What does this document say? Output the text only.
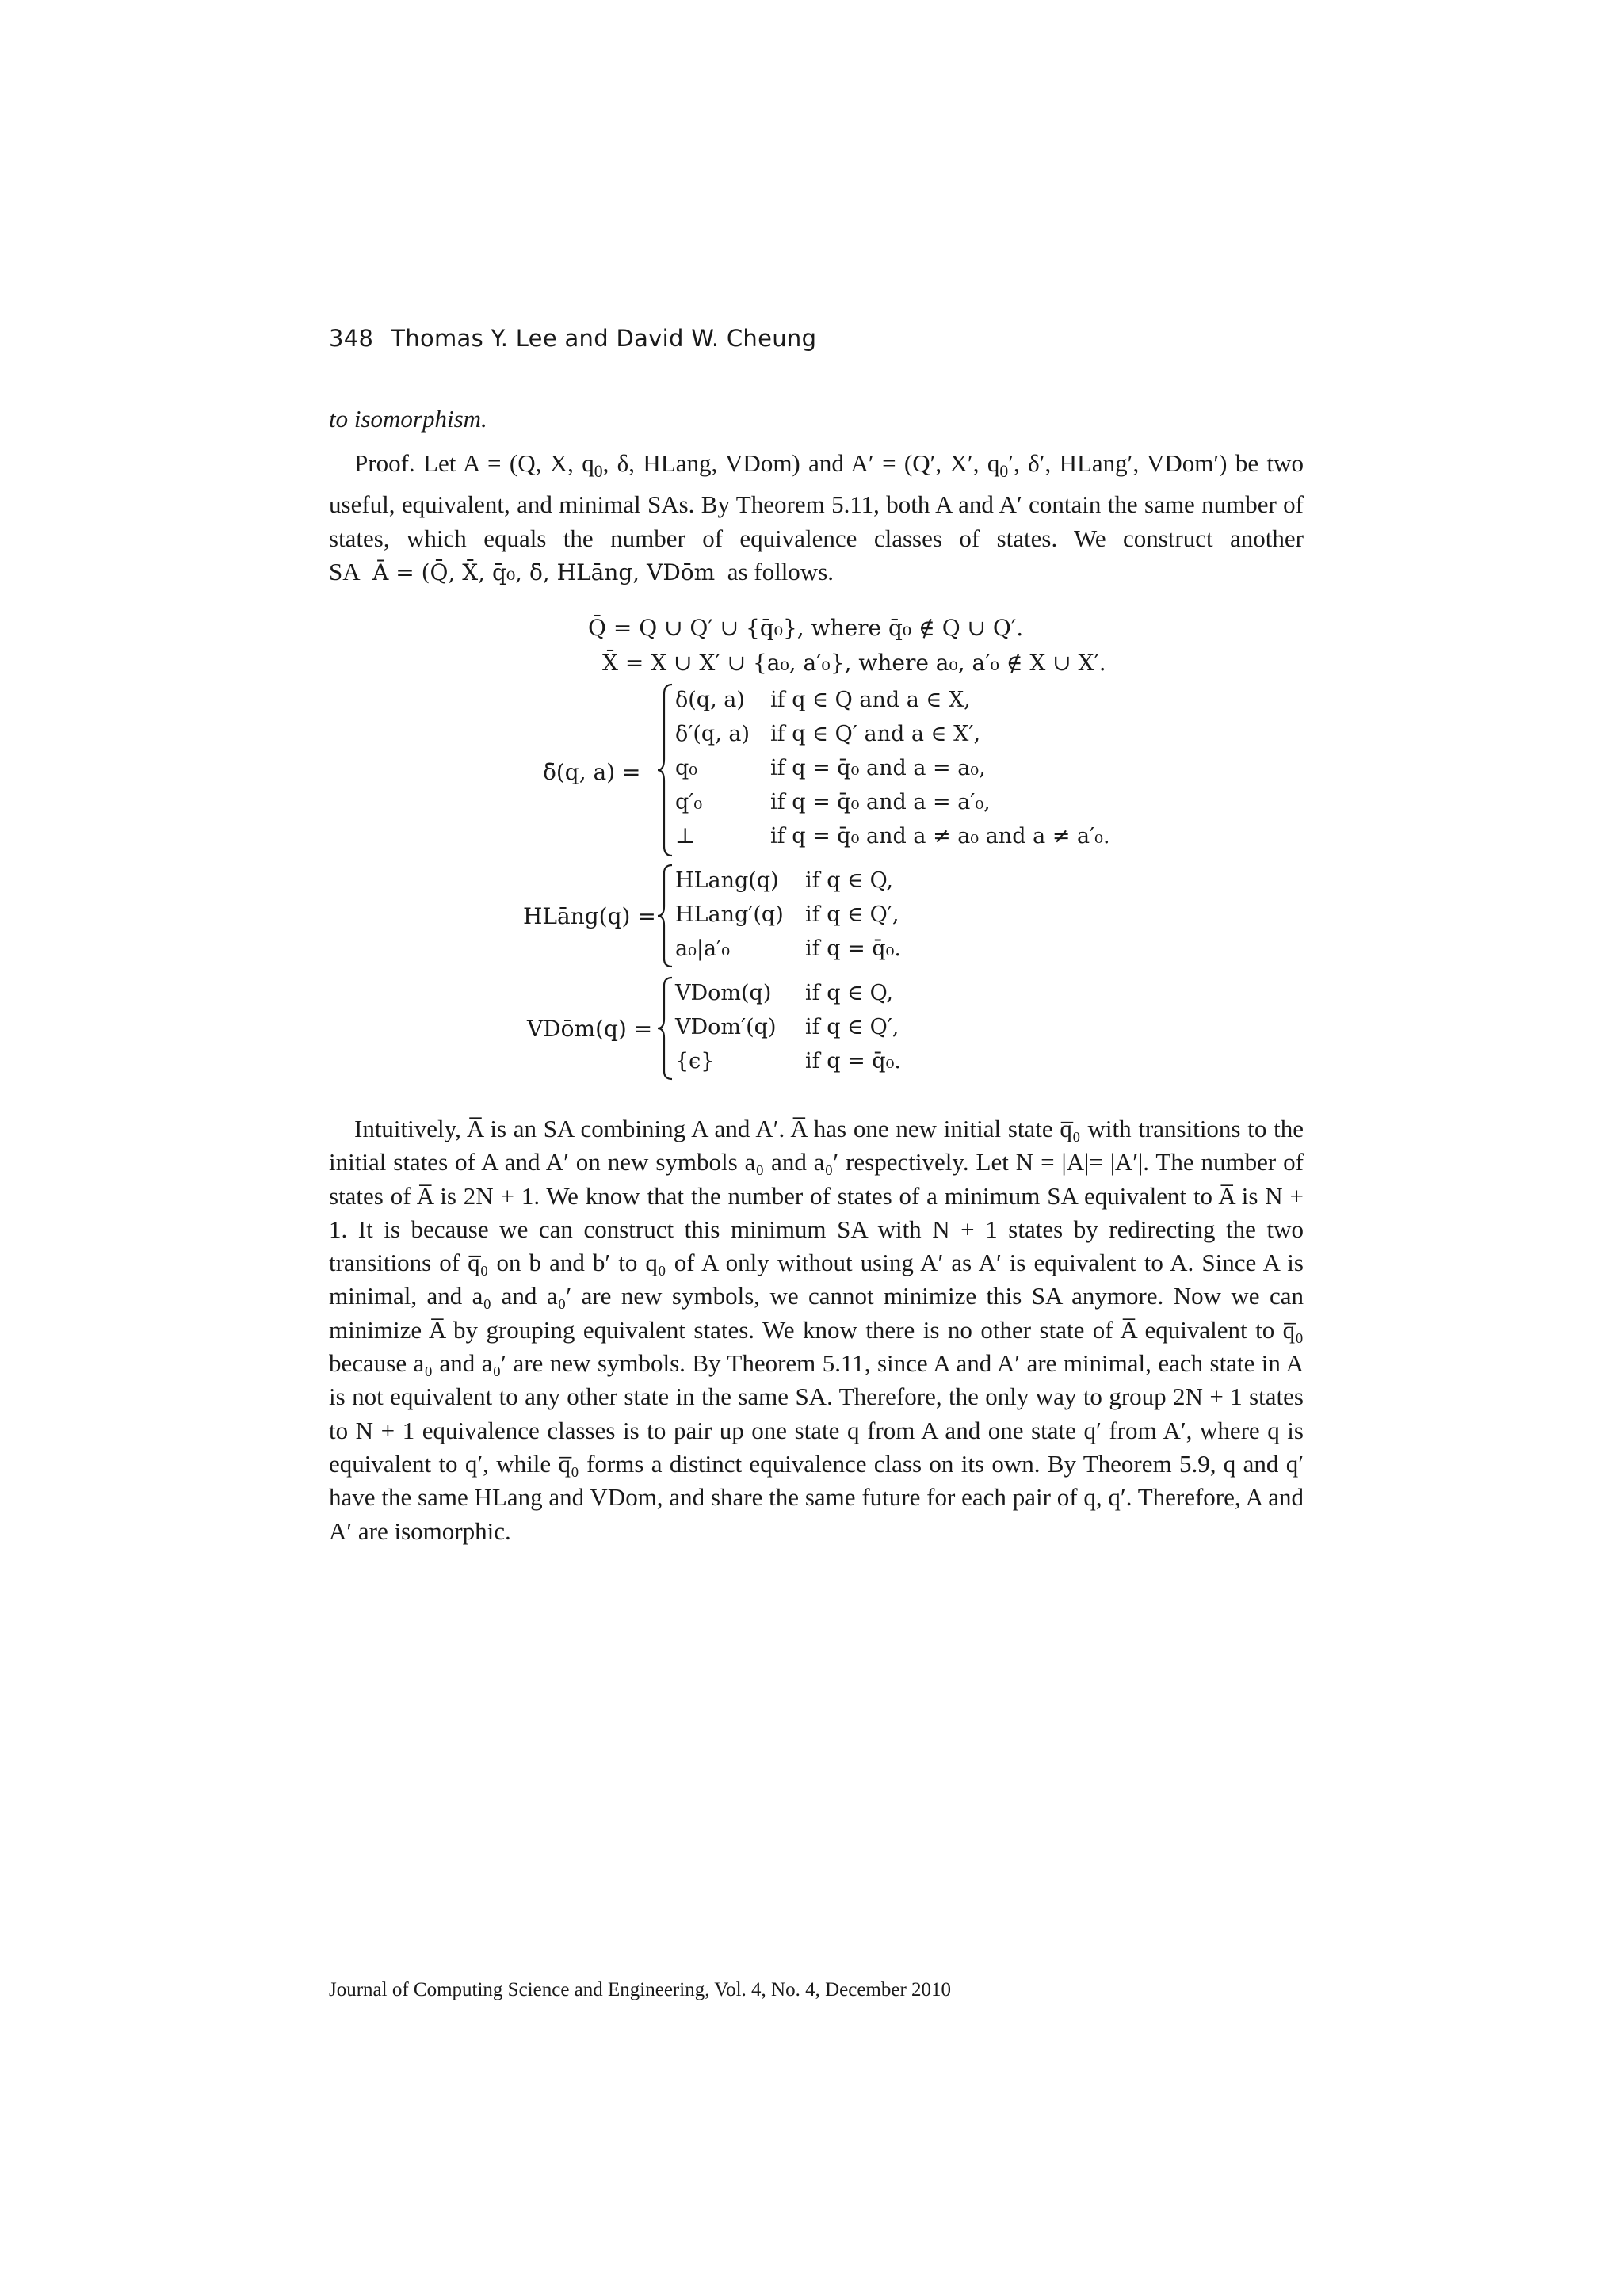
348 Thomas Y. Lee and David W. Cheung
to isomorphism.
Proof. Let A = (Q, X, $q_0$, δ, HLang, VDom) and A′ = (Q′, X′, $q_0'$, δ′, HLang′, VDom′) be two useful, equivalent, and minimal SAs. By Theorem 5.11, both A and A′ contain the same number of states, which equals the number of equivalence classes of states. We construct another SA Ā = (Q̄, X̄, q̄₀, δ̄, HLāng, VDōm as follows.
Q̄ = Q ∪ Q′ ∪ {q̄₀}, where q̄₀ ∉ Q ∪ Q′.
X̄ = X ∪ X′ ∪ {a₀, a′₀}, where a₀, a′₀ ∉ X ∪ X′.
δ̄(q, a) =
δ(q, a) if q ∈ Q and a ∈ X,
δ′(q, a) if q ∈ Q′ and a ∈ X′,
q₀	if q = q̄₀ and a = a₀,
q′₀	if q = q̄₀ and a = a′₀,
⊥	if q = q̄₀ and a ≠ a₀ and a ≠ a′₀.
HLāng(q) =
HLang(q) if q ∈ Q,
HLang′(q) if q ∈ Q′,
a₀|a′₀	if q = q̄₀.
VDōm(q) =
VDom(q) if q ∈ Q,
VDom′(q) if q ∈ Q′,
{ϵ}	if q = q̄₀.
Intuitively, A̅ is an SA combining A and A′. A̅ has one new initial state q̅₀ with transitions to the initial states of A and A′ on new symbols a₀ and a₀′ respectively. Let N = |A|= |A′|. The number of states of A̅ is 2N + 1. We know that the number of states of a minimum SA equivalent to A̅ is N + 1. It is because we can construct this minimum SA with N + 1 states by redirecting the two transitions of q̅₀ on b and b′ to q₀ of A only without using A′ as A′ is equivalent to A. Since A is minimal, and a₀ and a₀′ are new symbols, we cannot minimize this SA anymore. Now we can minimize A̅ by grouping equivalent states. We know there is no other state of A̅ equivalent to q̅₀ because a₀ and a₀′ are new symbols. By Theorem 5.11, since A and A′ are minimal, each state in A is not equivalent to any other state in the same SA. Therefore, the only way to group 2N + 1 states to N + 1 equivalence classes is to pair up one state q from A and one state q′ from A′, where q is equivalent to q′, while q̅₀ forms a distinct equivalence class on its own. By Theorem 5.9, q and q′ have the same HLang and VDom, and share the same future for each pair of q, q′. Therefore, A and A′ are isomorphic.
Journal of Computing Science and Engineering, Vol. 4, No. 4, December 2010
